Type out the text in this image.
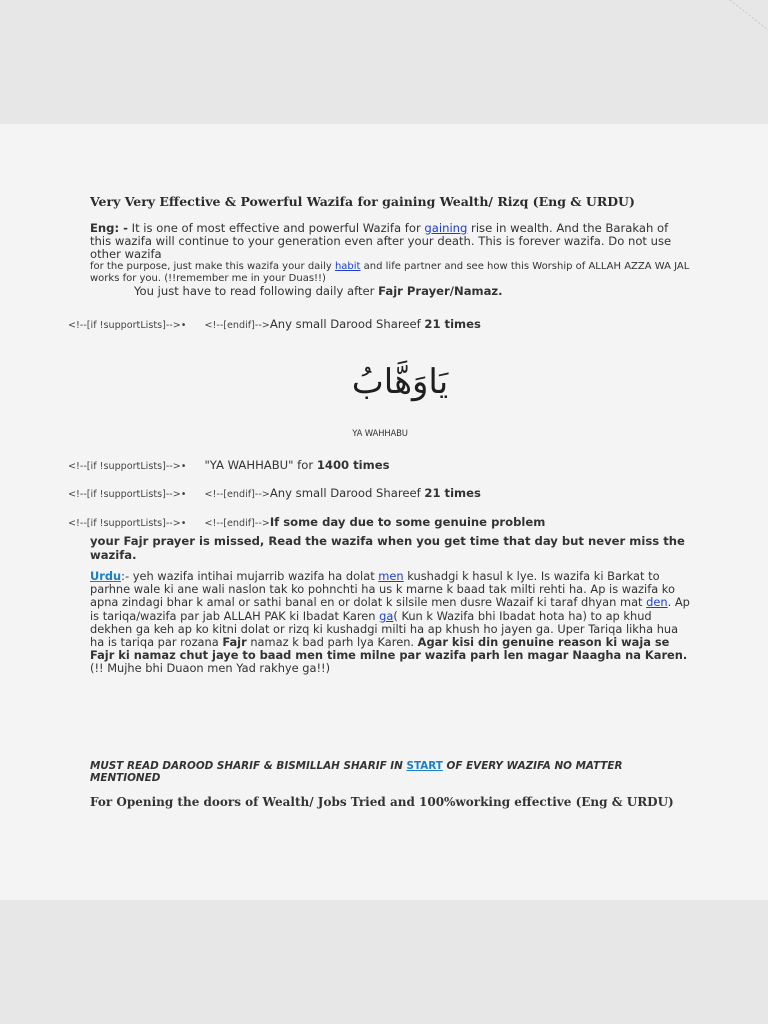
Very Very Effective & Powerful Wazifa for gaining Wealth/ Rizq (Eng & URDU)
Eng: - It is one of most effective and powerful Wazifa for gaining rise in wealth. And the Barakah of this wazifa will continue to your generation even after your death. This is forever wazifa. Do not use other wazifa
for the purpose, just make this wazifa your daily habit and life partner and see how this Worship of ALLAH AZZA WA JAL works for you. (!!remember me in your Duas!!)
You just have to read following daily after Fajr Prayer/Namaz.
<!--[if !supportLists]-->• <!--[endif]-->Any small Darood Shareef 21 times
يَاوَهَّابُ
YA WAHHABU
<!--[if !supportLists]-->• "YA WAHHABU" for 1400 times
<!--[if !supportLists]-->• <!--[endif]-->Any small Darood Shareef 21 times
<!--[if !supportLists]-->• <!--[endif]-->If some day due to some genuine problem
your Fajr prayer is missed, Read the wazifa when you get time that day but never miss the wazifa.
Urdu:- yeh wazifa intihai mujarrib wazifa ha dolat men kushadgi k hasul k lye. Is wazifa ki Barkat to parhne wale ki ane wali naslon tak ko pohnchti ha us k marne k baad tak milti rehti ha. Ap is wazifa ko apna zindagi bhar k amal or sathi banal en or dolat k silsile men dusre Wazaif ki taraf dhyan mat den. Ap is tariqa/wazifa par jab ALLAH PAK ki Ibadat Karen ga( Kun k Wazifa bhi Ibadat hota ha) to ap khud dekhen ga keh ap ko kitni dolat or rizq ki kushadgi milti ha ap khush ho jayen ga. Uper Tariqa likha hua ha is tariqa par rozana Fajr namaz k bad parh lya Karen. Agar kisi din genuine reason ki waja se Fajr ki namaz chut jaye to baad men time milne par wazifa parh len magar Naagha na Karen. (!! Mujhe bhi Duaon men Yad rakhye ga!!)
MUST READ DAROOD SHARIF & BISMILLAH SHARIF IN START OF EVERY WAZIFA NO MATTER MENTIONED
For Opening the doors of Wealth/ Jobs Tried and 100%working effective (Eng & URDU)
